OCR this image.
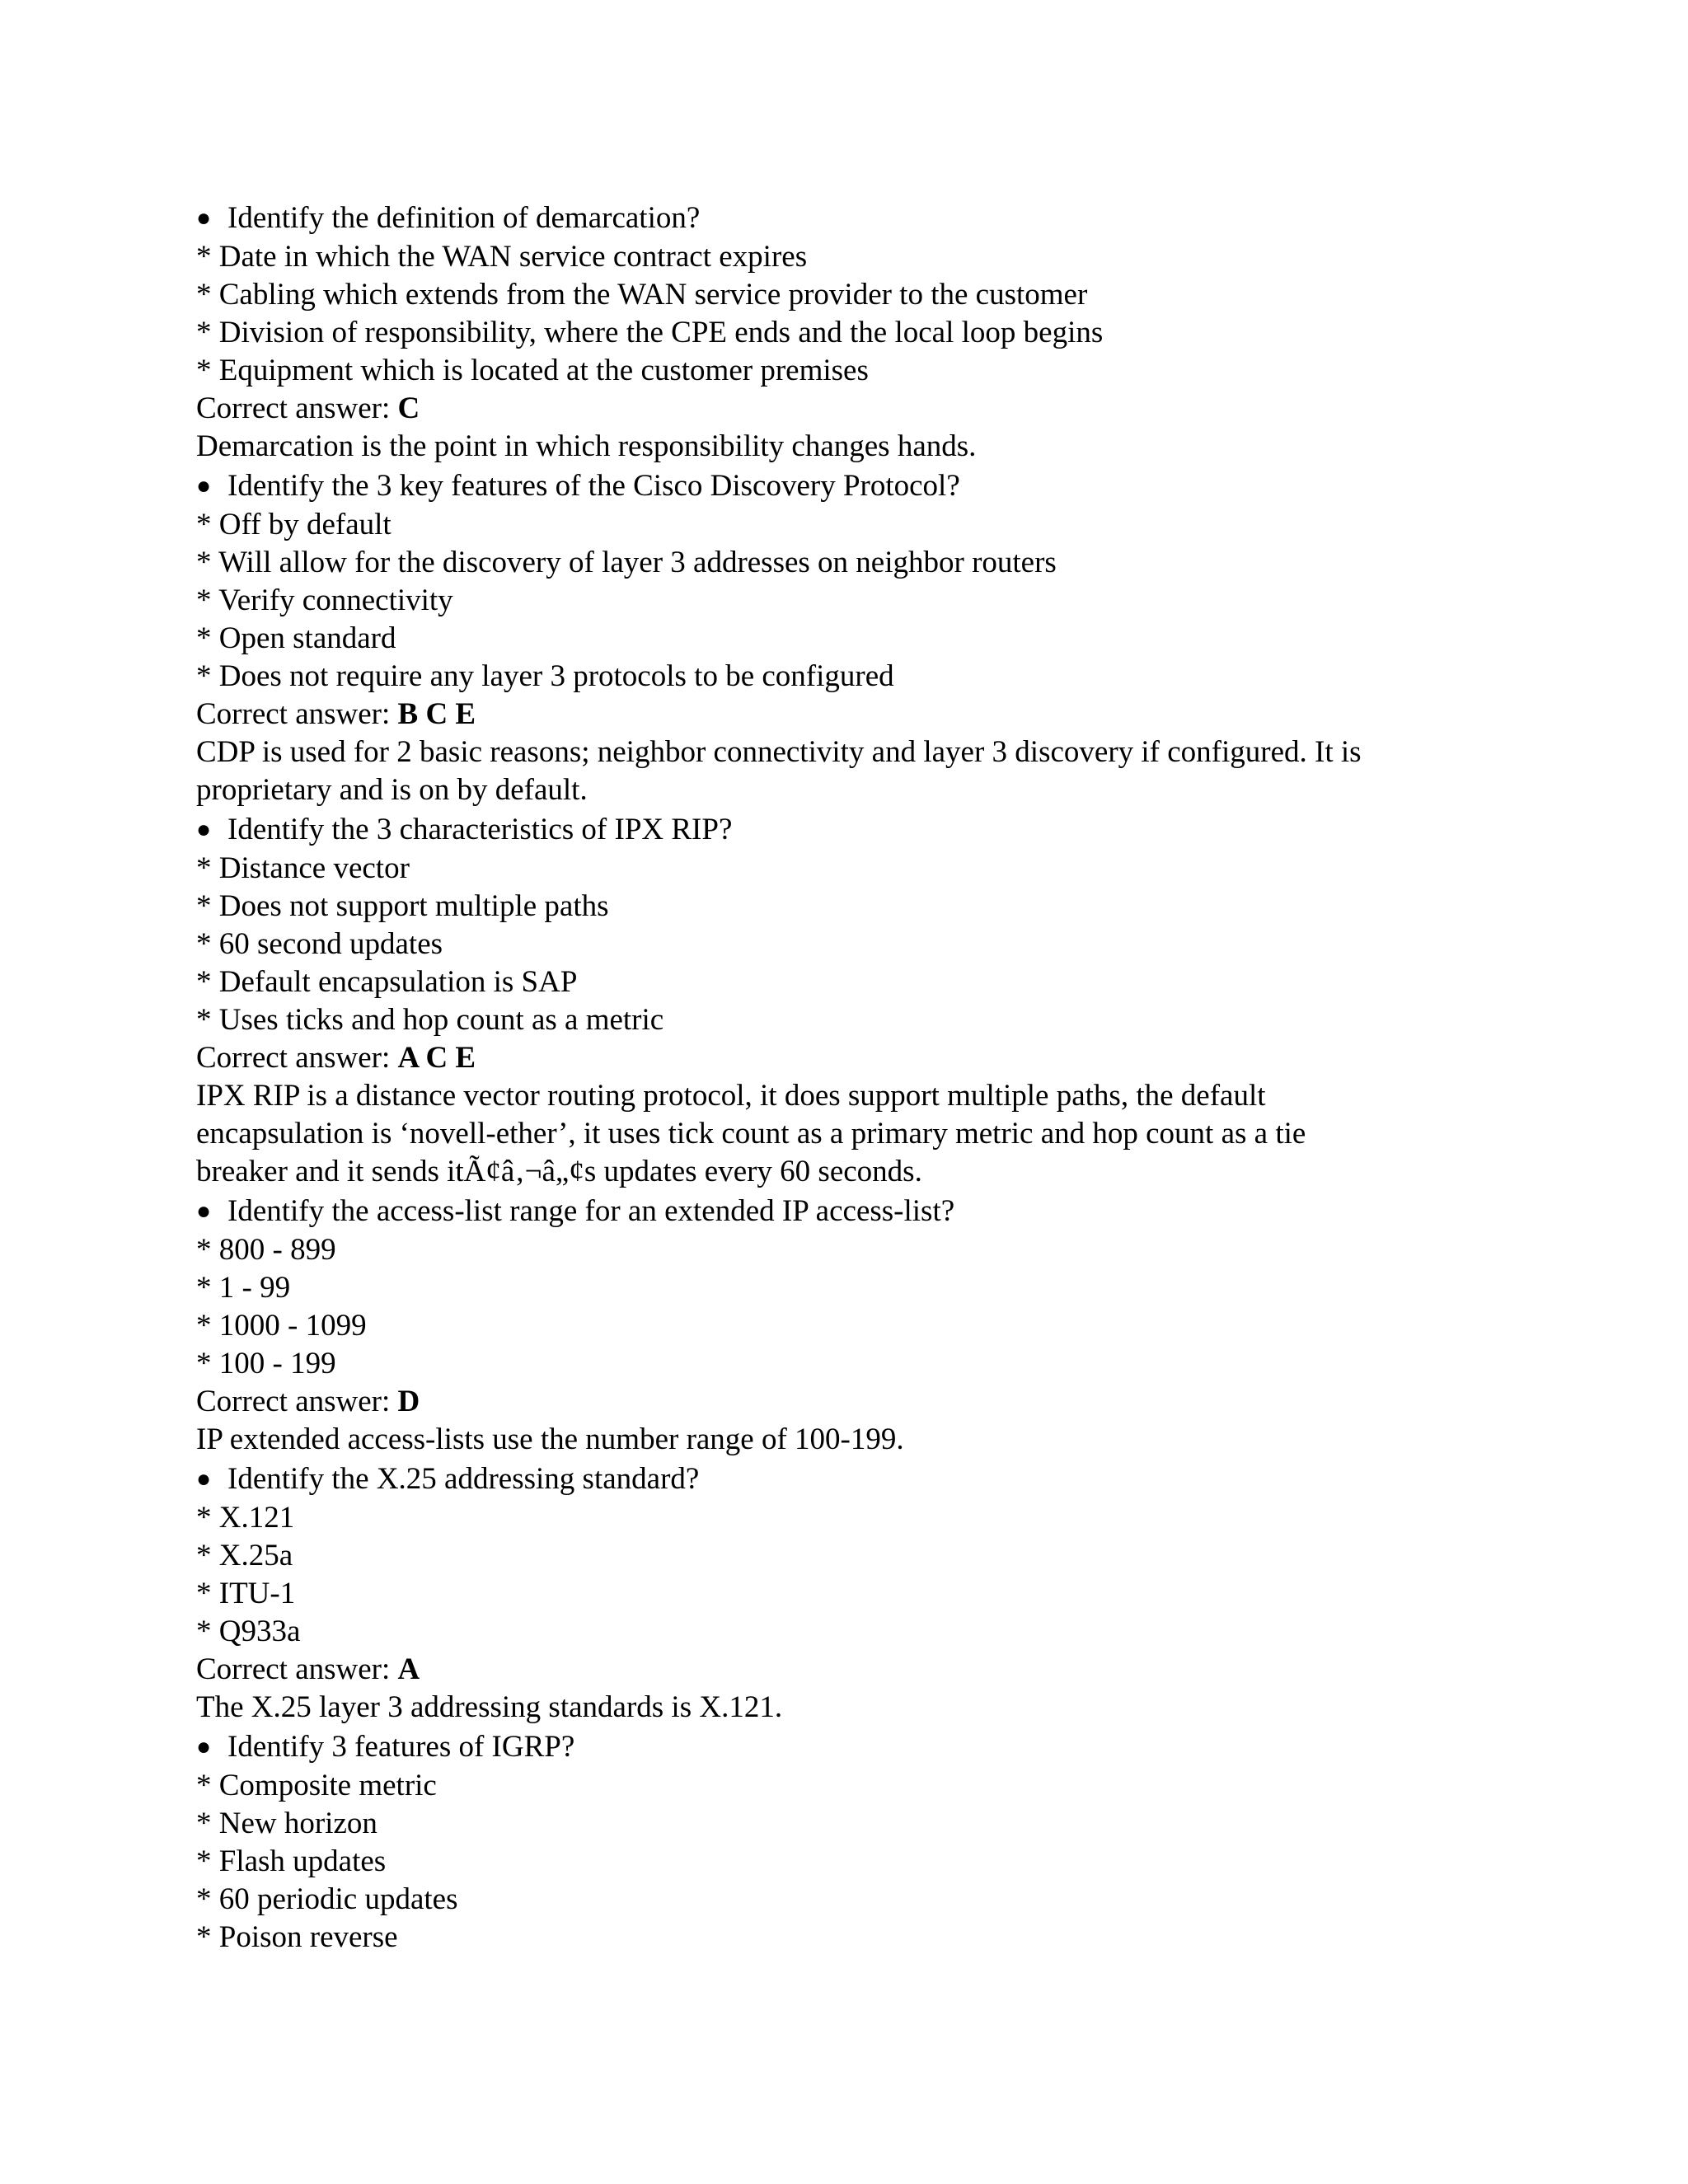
● Identify the definition of demarcation?
* Date in which the WAN service contract expires
* Cabling which extends from the WAN service provider to the customer
* Division of responsibility, where the CPE ends and the local loop begins
* Equipment which is located at the customer premises
Correct answer: C
Demarcation is the point in which responsibility changes hands.
● Identify the 3 key features of the Cisco Discovery Protocol?
* Off by default
* Will allow for the discovery of layer 3 addresses on neighbor routers
* Verify connectivity
* Open standard
* Does not require any layer 3 protocols to be configured
Correct answer: B C E
CDP is used for 2 basic reasons; neighbor connectivity and layer 3 discovery if configured. It is
proprietary and is on by default.
● Identify the 3 characteristics of IPX RIP?
* Distance vector
* Does not support multiple paths
* 60 second updates
* Default encapsulation is SAP
* Uses ticks and hop count as a metric
Correct answer: A C E
IPX RIP is a distance vector routing protocol, it does support multiple paths, the default
encapsulation is ‘novell-ether’, it uses tick count as a primary metric and hop count as a tie
breaker and it sends itÃ¢â‚¬â„¢s updates every 60 seconds.
● Identify the access-list range for an extended IP access-list?
* 800 - 899
* 1 - 99
* 1000 - 1099
* 100 - 199
Correct answer: D
IP extended access-lists use the number range of 100-199.
● Identify the X.25 addressing standard?
* X.121
* X.25a
* ITU-1
* Q933a
Correct answer: A
The X.25 layer 3 addressing standards is X.121.
● Identify 3 features of IGRP?
* Composite metric
* New horizon
* Flash updates
* 60 periodic updates
* Poison reverse
